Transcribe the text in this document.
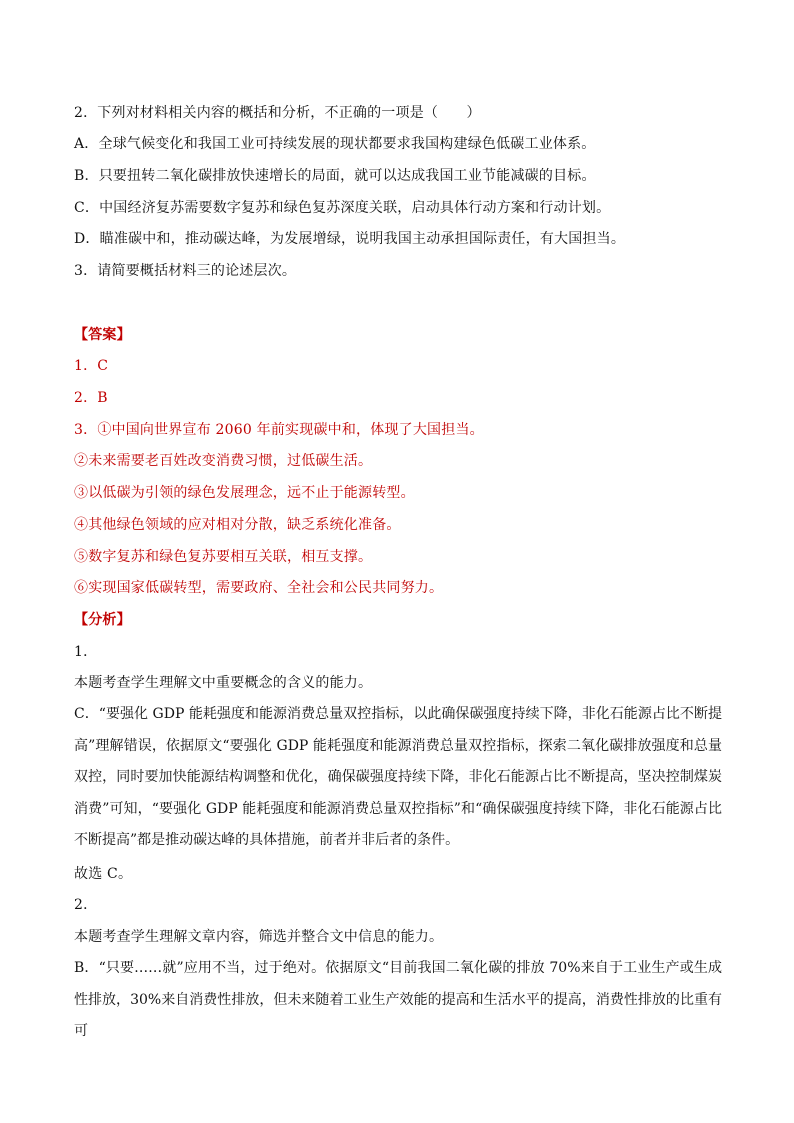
2．下列对材料相关内容的概括和分析，不正确的一项是（　　）
A．全球气候变化和我国工业可持续发展的现状都要求我国构建绿色低碳工业体系。
B．只要扭转二氧化碳排放快速增长的局面，就可以达成我国工业节能减碳的目标。
C．中国经济复苏需要数字复苏和绿色复苏深度关联，启动具体行动方案和行动计划。
D．瞄准碳中和，推动碳达峰，为发展增绿，说明我国主动承担国际责任，有大国担当。
3．请简要概括材料三的论述层次。
【答案】
1．C
2．B
3．①中国向世界宣布 2060 年前实现碳中和，体现了大国担当。
②未来需要老百姓改变消费习惯，过低碳生活。
③以低碳为引领的绿色发展理念，远不止于能源转型。
④其他绿色领域的应对相对分散，缺乏系统化准备。
⑤数字复苏和绿色复苏要相互关联，相互支撑。
⑥实现国家低碳转型，需要政府、全社会和公民共同努力。
【分析】
1．
本题考查学生理解文中重要概念的含义的能力。
C．“要强化 GDP 能耗强度和能源消费总量双控指标，以此确保碳强度持续下降，非化石能源占比不断提高”理解错误，依据原文“要强化 GDP 能耗强度和能源消费总量双控指标，探索二氧化碳排放强度和总量双控，同时要加快能源结构调整和优化，确保碳强度持续下降，非化石能源占比不断提高，坚决控制煤炭消费”可知，“要强化 GDP 能耗强度和能源消费总量双控指标”和“确保碳强度持续下降，非化石能源占比不断提高”都是推动碳达峰的具体措施，前者并非后者的条件。
故选 C。
2．
本题考查学生理解文章内容，筛选并整合文中信息的能力。
B．“只要……就”应用不当，过于绝对。依据原文“目前我国二氧化碳的排放 70%来自于工业生产或生成性排放，30%来自消费性排放，但未来随着工业生产效能的提高和生活水平的提高，消费性排放的比重有可
